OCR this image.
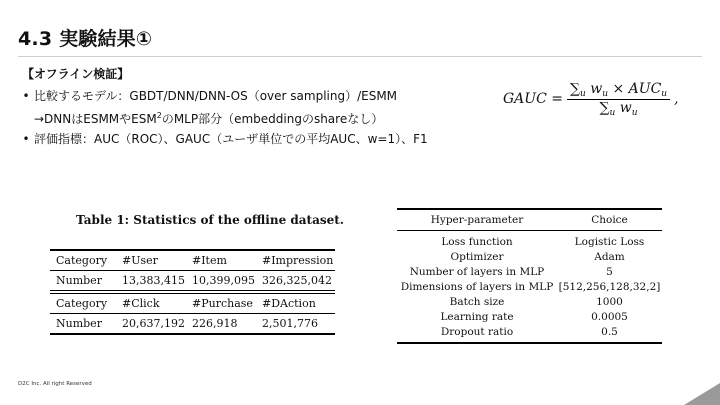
4.3 実験結果①
【オフライン検証】
• 比較するモデル：GBDT/DNN/DNN-OS（over sampling）/ESMM
→DNNはESMMやESM$^2$のMLP部分（embeddingのshareなし）
• 評価指標：AUC（ROC）、GAUC（ユーザ単位での平均AUC、w=1）、F1
GAUC = $\frac{\sum_u w_u \times AUC_u}{\sum_u w_u}$ ,
Table 1: Statistics of the offline dataset.
Category	#User	#Item	#Impression
Number	13,383,415 10,399,095 326,325,042
Category	#Click	#Purchase #DAction
Number	20,637,192 226,918	2,501,776
Hyper-parameter	Choice
Loss function	Logistic Loss
Optimizer	Adam
Number of layers in MLP	5
Dimensions of layers in MLP [512,256,128,32,2]
Batch size	1000
Learning rate	0.0005
Dropout ratio	0.5
D2C Inc. All right Reserved
